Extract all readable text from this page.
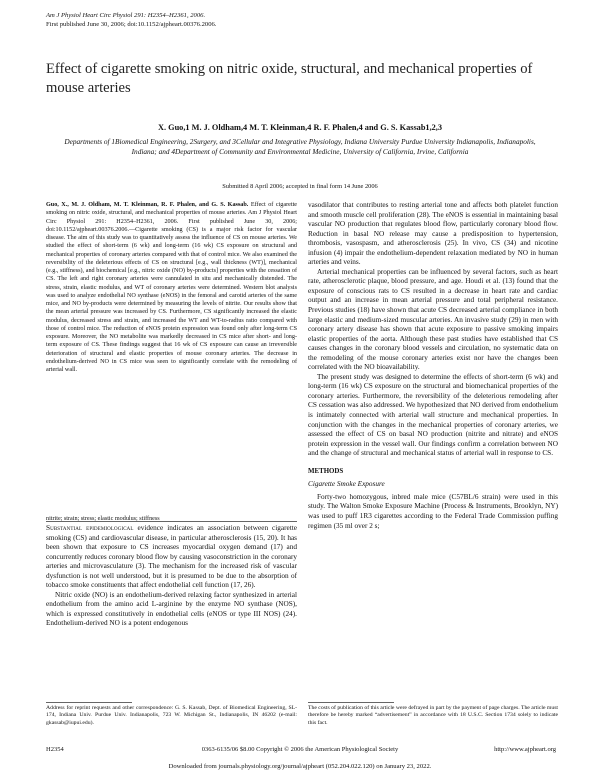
Am J Physiol Heart Circ Physiol 291: H2354–H2361, 2006.
First published June 30, 2006; doi:10.1152/ajpheart.00376.2006.
Effect of cigarette smoking on nitric oxide, structural, and mechanical properties of mouse arteries
X. Guo,1 M. J. Oldham,4 M. T. Kleinman,4 R. F. Phalen,4 and G. S. Kassab1,2,3
Departments of 1Biomedical Engineering, 2Surgery, and 3Cellular and Integrative Physiology, Indiana University Purdue University Indianapolis, Indianapolis, Indiana; and 4Department of Community and Environmental Medicine, University of California, Irvine, California
Submitted 8 April 2006; accepted in final form 14 June 2006
Guo, X., M. J. Oldham, M. T. Kleinman, R. F. Phalen, and G. S. Kassab. Effect of cigarette smoking on nitric oxide, structural, and mechanical properties of mouse arteries. Am J Physiol Heart Circ Physiol 291: H2354–H2361, 2006. First published June 30, 2006; doi:10.1152/ajpheart.00376.2006.—Cigarette smoking (CS) is a major risk factor for vascular disease. The aim of this study was to quantitatively assess the influence of CS on mouse arteries. We studied the effect of short-term (6 wk) and long-term (16 wk) CS exposure on structural and mechanical properties of coronary arteries compared with that of control mice. We also examined the reversibility of the deleterious effects of CS on structural [e.g., wall thickness (WT)], mechanical (e.g., stiffness), and biochemical [e.g., nitric oxide (NO) by-products] properties with the cessation of CS. The left and right coronary arteries were cannulated in situ and mechanically distended. The stress, strain, elastic modulus, and WT of coronary arteries were determined. Western blot analysis was used to analyze endothelial NO synthase (eNOS) in the femoral and carotid arteries of the same mice, and NO by-products were determined by measuring the levels of nitrite. Our results show that the mean arterial pressure was increased by CS. Furthermore, CS significantly increased the elastic modulus, decreased stress and strain, and increased the WT and WT-to-radius ratio compared with those of control mice. The reduction of eNOS protein expression was found only after long-term CS exposure. Moreover, the NO metabolite was markedly decreased in CS mice after short- and long-term exposure of CS. These findings suggest that 16 wk of CS exposure can cause an irreversible deterioration of structural and elastic properties of mouse coronary arteries. The decrease in endothelium-derived NO in CS mice was seen to significantly correlate with the remodeling of arterial wall.
nitrite; strain; stress; elastic modulus; stiffness

Substantial epidemiological evidence indicates an association between cigarette smoking (CS) and cardiovascular disease, in particular atherosclerosis (15, 20). It has been shown that exposure to CS increases myocardial oxygen demand (17) and concurrently reduces coronary blood flow by causing vasoconstriction in the coronary arteries and microvasculature (3). The mechanism for the increased risk of vascular dysfunction is not well understood, but it is presumed to be due to the absorption of tobacco smoke constituents that affect endothelial cell function (17, 26).

Nitric oxide (NO) is an endothelium-derived relaxing factor synthesized in arterial endothelium from the amino acid L-arginine by the enzyme NO synthase (NOS), which is expressed constitutively in endothelial cells (eNOS or type III NOS) (24). Endothelium-derived NO is a potent endogenous

vasodilator that contributes to resting arterial tone and affects both platelet function and smooth muscle cell proliferation (28). The eNOS is essential in maintaining basal vascular NO production that regulates blood flow, particularly coronary blood flow. Reduction in basal NO release may cause a predisposition to hypertension, thrombosis, vasospasm, and atherosclerosis (25). In vivo, CS (34) and nicotine infusion (4) impair the endothelium-dependent relaxation mediated by NO in human arteries and veins.

Arterial mechanical properties can be influenced by several factors, such as heart rate, atherosclerotic plaque, blood pressure, and age. Houdi et al. (13) found that the exposure of conscious rats to CS resulted in a decrease in heart rate and cardiac output and an increase in mean arterial pressure and total peripheral resistance. Previous studies (18) have shown that acute CS decreased arterial compliance in both large elastic and medium-sized muscular arteries. An invasive study (29) in men with coronary artery disease has shown that acute exposure to passive smoking impairs elastic properties of the aorta. Although these past studies have established that CS causes changes in the coronary blood vessels and circulation, no systematic data on the remodeling of the mouse coronary arteries exist nor have the changes been correlated with the NO bioavailability.

The present study was designed to determine the effects of short-term (6 wk) and long-term (16 wk) CS exposure on the structural and biomechanical properties of the coronary arteries. Furthermore, the reversibility of the deleterious remodeling after CS cessation was also addressed. We hypothesized that NO derived from endothelium is intimately connected with arterial wall structure and mechanical properties. In conjunction with the changes in the mechanical properties of coronary arteries, we assessed the effect of CS on basal NO production (nitrite and nitrate) and eNOS protein expression in the vessel wall. Our findings confirm a correlation between NO and the change of structural and mechanical status of arterial wall in response to CS.

METHODS
Cigarette Smoke Exposure

Forty-two homozygous, inbred male mice (C57BL/6 strain) were used in this study. The Walton Smoke Exposure Machine (Process & Instruments, Brooklyn, NY) was used to puff 1R3 cigarettes according to the Federal Trade Commission puffing regimen (35 ml over 2 s;

Address for reprint requests and other correspondence: G. S. Kassab, Dept. of Biomedical Engineering, SL-174, Indiana Univ. Purdue Univ. Indianapolis, 723 W. Michigan St., Indianapolis, IN 46202 (e-mail: gkassab@iupui.edu).
The costs of publication of this article were defrayed in part by the payment of page charges. The article must therefore be hereby marked “advertisement” in accordance with 18 U.S.C. Section 1734 solely to indicate this fact.
H2354	0363-6135/06 $8.00 Copyright © 2006 the American Physiological Society	http://www.ajpheart.org
Downloaded from journals.physiology.org/journal/ajpheart (052.204.022.120) on January 23, 2022.
